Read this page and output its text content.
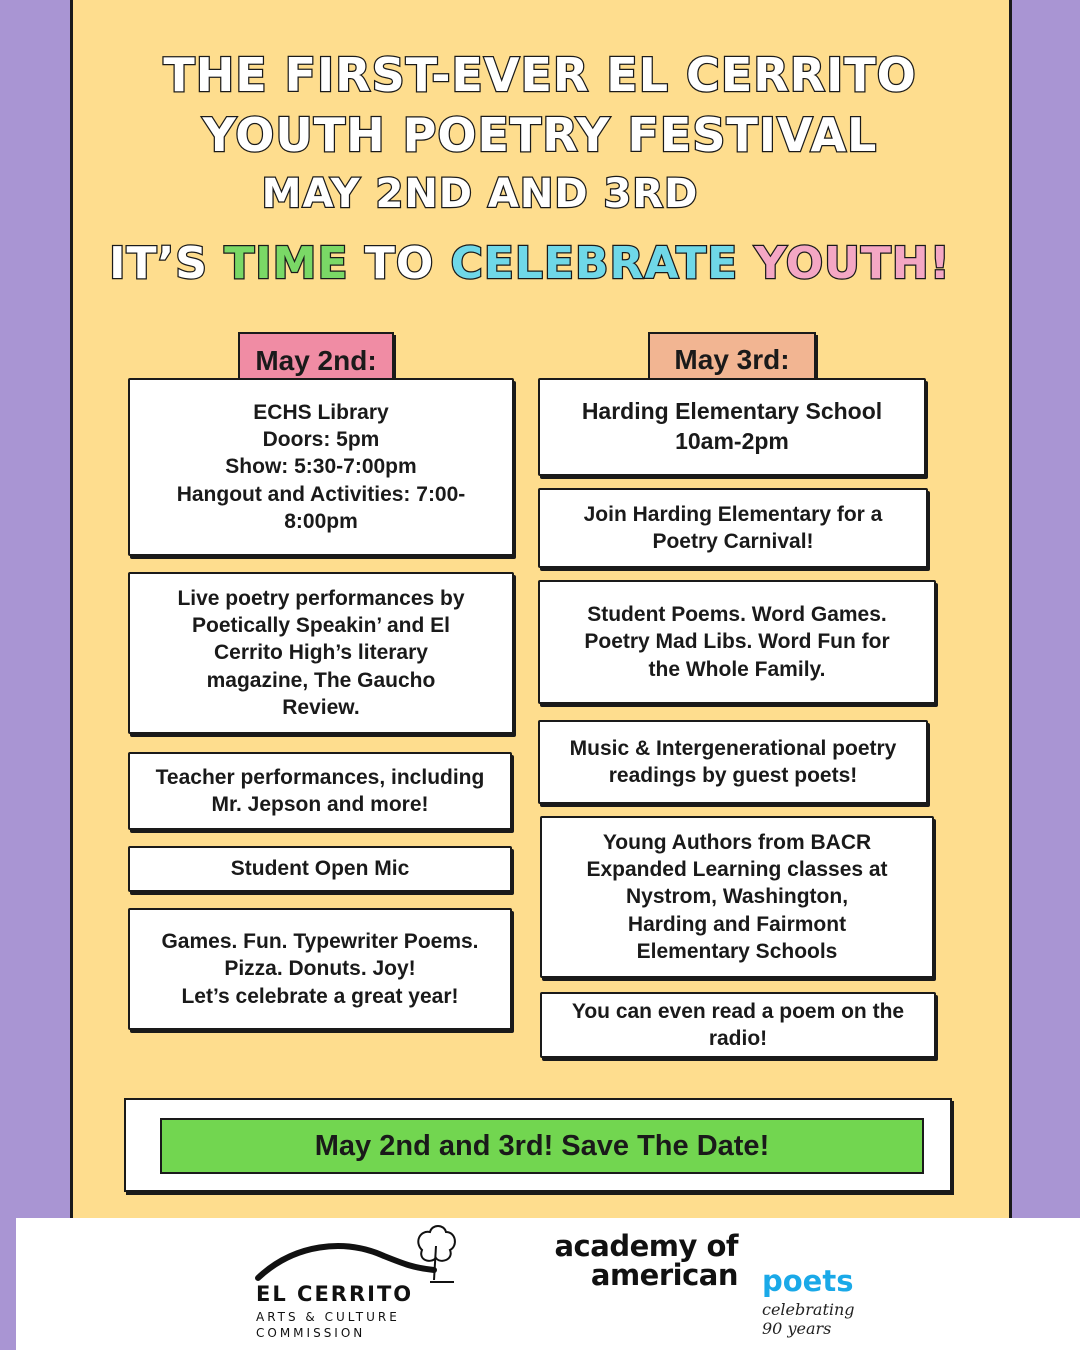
THE FIRST-EVER EL CERRITO
YOUTH POETRY FESTIVAL
MAY 2ND AND 3RD
IT’S TIME TO CELEBRATE YOUTH!
May 2nd:
ECHS Library
Doors: 5pm
Show: 5:30-7:00pm
Hangout and Activities: 7:00-
8:00pm
Live poetry performances by
Poetically Speakin’ and El
Cerrito High’s literary
magazine, The Gaucho
Review.
Teacher performances, including
Mr. Jepson and more!
Student Open Mic
Games. Fun. Typewriter Poems.
Pizza. Donuts. Joy!
Let’s celebrate a great year!
May 3rd:
Harding Elementary School
10am-2pm
Join Harding Elementary for a
Poetry Carnival!
Student Poems. Word Games.
Poetry Mad Libs. Word Fun for
the Whole Family.
Music & Intergenerational poetry
readings by guest poets!
Young Authors from BACR
Expanded Learning classes at
Nystrom, Washington,
Harding and Fairmont
Elementary Schools
You can even read a poem on the
radio!
May 2nd and 3rd! Save The Date!
EL CERRITO
ARTS & CULTURE
COMMISSION
academy of
american poets
celebrating
90 years
